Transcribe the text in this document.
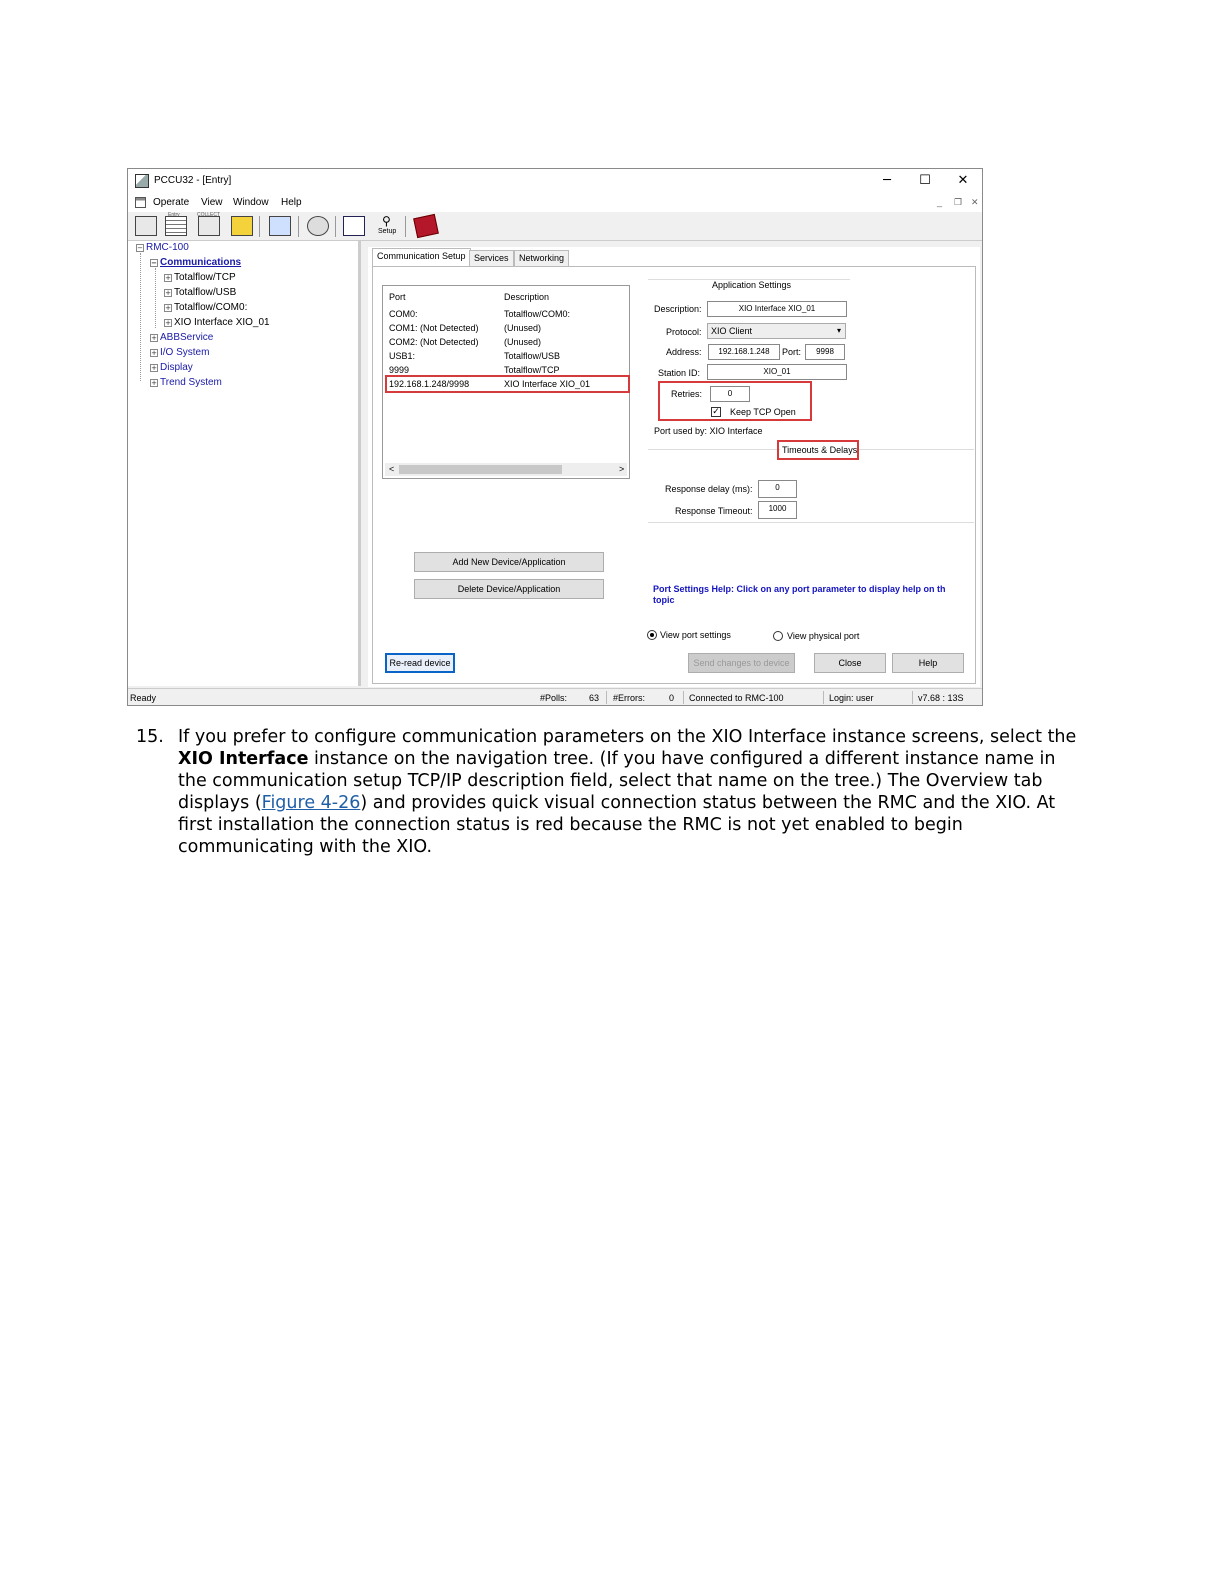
PCCU32 - [Entry]	─	☐	✕
Operate View Window Help	_ ❐ ✕
Entry	COLLECT	⚲
Setup
− RMC-100
− Communications
+ Totalflow/TCP
+ Totalflow/USB
+ Totalflow/COM0:
+ XIO Interface XIO_01
+ ABBService
+ I/O System
+ Display
+ Trend System
Communication Setup Services	Networking
Port	Description
COM0:	Totalflow/COM0:
COM1: (Not Detected)	(Unused)
COM2: (Not Detected)	(Unused)
USB1:	Totalflow/USB
9999	Totalflow/TCP
192.168.1.248/9998	XIO Interface XIO_01
<	>
Application Settings
Description:	XIO Interface XIO_01
Protocol:	XIO Client	▾
Address:	192.168.1.248	Port:	9998
Station ID:	XIO_01
Retries:	0
✓ Keep TCP Open
Port used by: XIO Interface
Timeouts & Delays
Response delay (ms):	0
Response Timeout:	1000
Add New Device/Application
Delete Device/Application	Port Settings Help: Click on any port parameter to display help on th
topic
View port settings	View physical port
Re-read device	Send changes to device	Close	Help
Ready	#Polls: 63 #Errors:	0 Connected to RMC-100	Login: user	v7.68 : 13S
15. If you prefer to configure communication parameters on the XIO Interface instance screens, select the XIO Interface instance on the navigation tree. (If you have configured a different instance name in the communication setup TCP/IP description field, select that name on the tree.) The Overview tab displays (Figure 4-26) and provides quick visual connection status between the RMC and the XIO. At first installation the connection status is red because the RMC is not yet enabled to begin communicating with the XIO.
